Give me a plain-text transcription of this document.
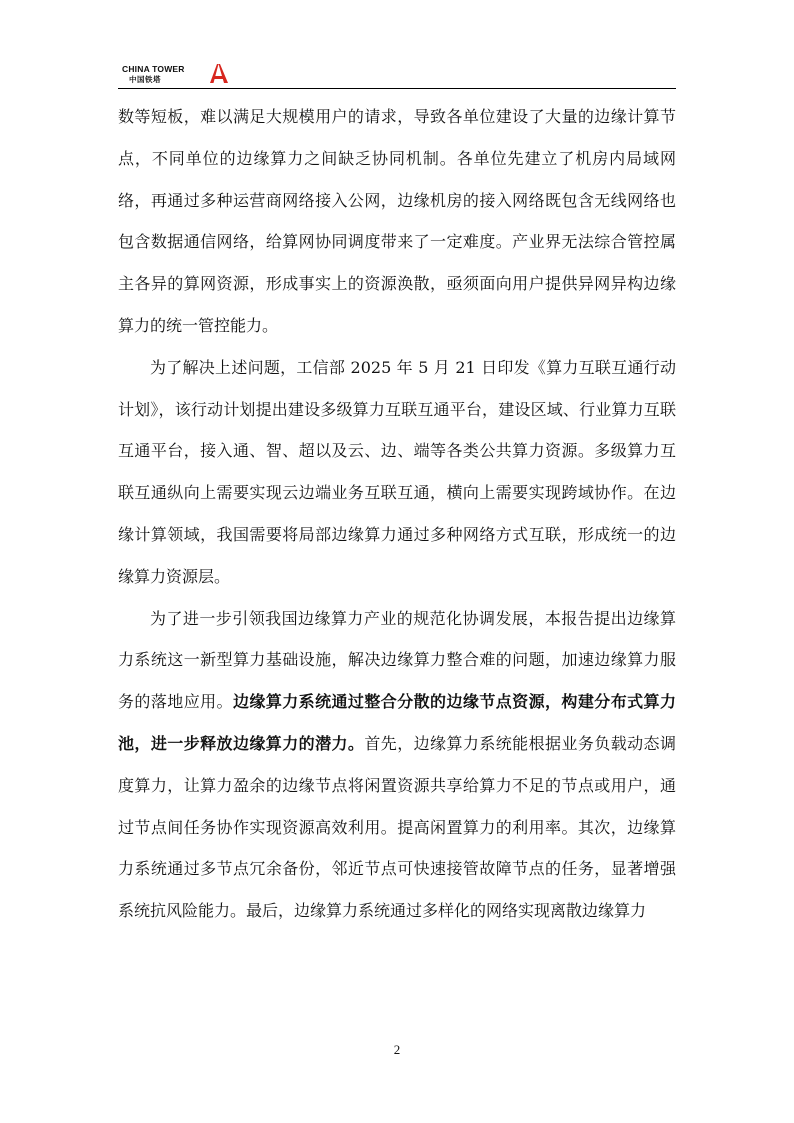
CHINA TOWER
中国铁塔

数等短板，难以满足大规模用户的请求，导致各单位建设了大量的边缘计算节点，不同单位的边缘算力之间缺乏协同机制。各单位先建立了机房内局域网络，再通过多种运营商网络接入公网，边缘机房的接入网络既包含无线网络也包含数据通信网络，给算网协同调度带来了一定难度。产业界无法综合管控属主各异的算网资源，形成事实上的资源涣散，亟须面向用户提供异网异构边缘算力的统一管控能力。

为了解决上述问题，工信部 2025 年 5 月 21 日印发《算力互联互通行动计划》，该行动计划提出建设多级算力互联互通平台，建设区域、行业算力互联互通平台，接入通、智、超以及云、边、端等各类公共算力资源。多级算力互联互通纵向上需要实现云边端业务互联互通，横向上需要实现跨域协作。在边缘计算领域，我国需要将局部边缘算力通过多种网络方式互联，形成统一的边缘算力资源层。

为了进一步引领我国边缘算力产业的规范化协调发展，本报告提出边缘算力系统这一新型算力基础设施，解决边缘算力整合难的问题，加速边缘算力服务的落地应用。边缘算力系统通过整合分散的边缘节点资源，构建分布式算力池，进一步释放边缘算力的潜力。首先，边缘算力系统能根据业务负载动态调度算力，让算力盈余的边缘节点将闲置资源共享给算力不足的节点或用户，通过节点间任务协作实现资源高效利用。提高闲置算力的利用率。其次，边缘算力系统通过多节点冗余备份，邻近节点可快速接管故障节点的任务，显著增强系统抗风险能力。最后，边缘算力系统通过多样化的网络实现离散边缘算力

2
